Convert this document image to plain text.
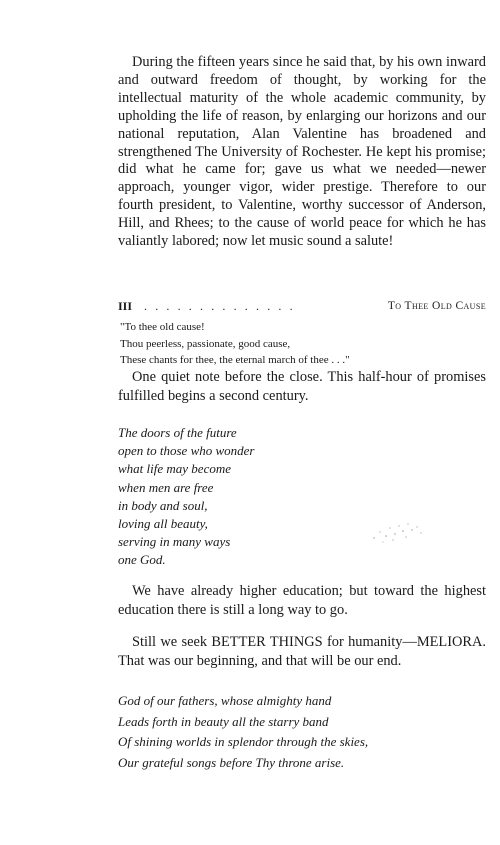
During the fifteen years since he said that, by his own inward and outward freedom of thought, by working for the intellectual maturity of the whole academic community, by upholding the life of reason, by enlarging our horizons and our national reputation, Alan Valentine has broadened and strengthened The University of Rochester. He kept his promise; did what he came for; gave us what we needed—newer approach, younger vigor, wider prestige. Therefore to our fourth president, to Valentine, worthy successor of Anderson, Hill, and Rhees; to the cause of world peace for which he has valiantly labored; now let music sound a salute!

III . . . . . . . . . . . . . .	To Thee Old Cause
"To thee old cause!
Thou peerless, passionate, good cause,
These chants for thee, the eternal march of thee . . ."

One quiet note before the close. This half-hour of promises fulfilled begins a second century.

The doors of the future
open to those who wonder
what life may become
when men are free
in body and soul,
loving all beauty,
serving in many ways
one God.

We have already higher education; but toward the highest education there is still a long way to go.

Still we seek BETTER THINGS for humanity—MELIORA. That was our beginning, and that will be our end.

God of our fathers, whose almighty hand
Leads forth in beauty all the starry band
Of shining worlds in splendor through the skies,
Our grateful songs before Thy throne arise.
